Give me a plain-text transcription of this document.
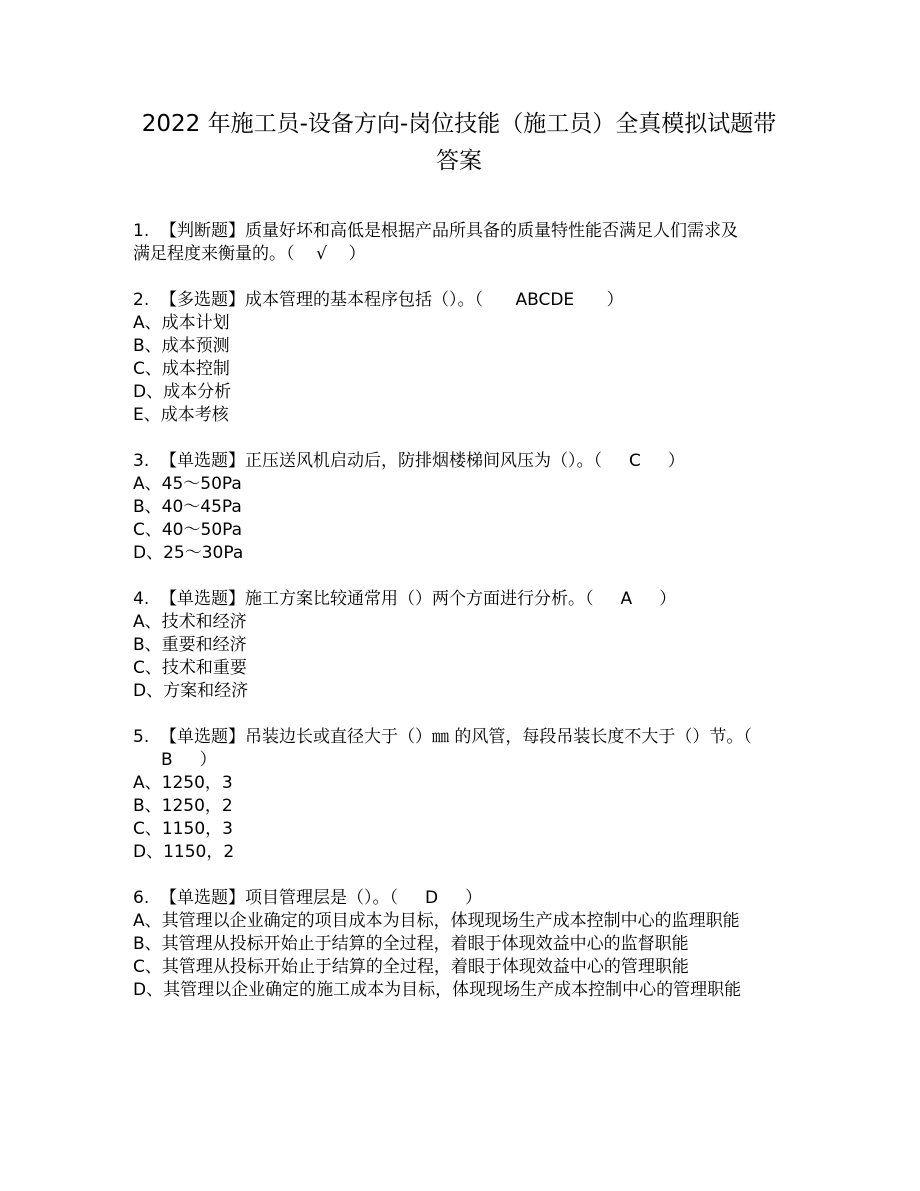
2022 年施工员-设备方向-岗位技能（施工员）全真模拟试题带答案

1.  【判断题】质量好坏和高低是根据产品所具备的质量特性能否满足人们需求及

满足程度来衡量的。（    √    ）

2.  【多选题】成本管理的基本程序包括（）。（      ABCDE      ）

A、成本计划

B、成本预测

C、成本控制

D、成本分析

E、成本考核

3.  【单选题】正压送风机启动后，防排烟楼梯间风压为（）。（     C     ）

A、45～50Pa

B、40～45Pa

C、40～50Pa

D、25～30Pa

4.  【单选题】施工方案比较通常用（）两个方面进行分析。（     A     ）

A、技术和经济

B、重要和经济

C、技术和重要

D、方案和经济

5.  【单选题】吊装边长或直径大于（）㎜ 的风管，每段吊装长度不大于（）节。（

B     ）

A、1250，3

B、1250，2

C、1150，3

D、1150，2

6.  【单选题】项目管理层是（）。（     D     ）

A、其管理以企业确定的项目成本为目标，体现现场生产成本控制中心的监理职能

B、其管理从投标开始止于结算的全过程，着眼于体现效益中心的监督职能

C、其管理从投标开始止于结算的全过程，着眼于体现效益中心的管理职能

D、其管理以企业确定的施工成本为目标，体现现场生产成本控制中心的管理职能
